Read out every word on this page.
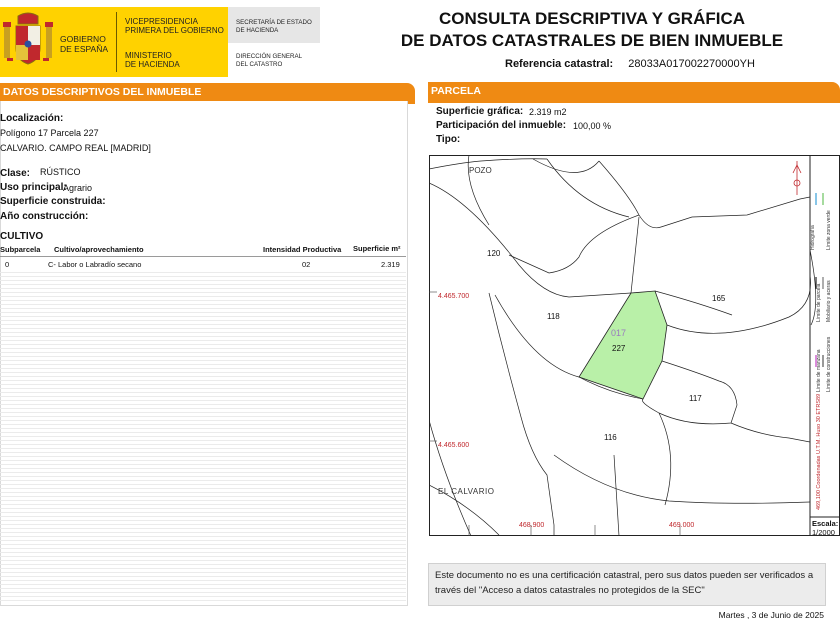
GOBIERNO
DE ESPAÑA
VICEPRESIDENCIA
PRIMERA DEL GOBIERNO
MINISTERIO
DE HACIENDA
SECRETARÍA DE ESTADO
DE HACIENDA
DIRECCIÓN GENERAL
DEL CATASTRO
CONSULTA DESCRIPTIVA Y GRÁFICA
DE DATOS CATASTRALES DE BIEN INMUEBLE
Referencia catastral: 28033A017002270000YH
DATOS DESCRIPTIVOS DEL INMUEBLE
Localización:
Polígono 17 Parcela 227
CALVARIO. CAMPO REAL [MADRID]
Clase: RÚSTICO
Uso principal:
Agrario
Superficie construida:
Año construcción:
CULTIVO
Subparcela Cultivo/aprovechamiento	Intensidad Productiva Superficie m²
0	C- Labor o Labradío secano	02	2.319
PARCELA
Superficie gráfica: 2.319 m2
Participación del inmueble: 100,00 %
Tipo:
POZO
120
118
165
017
227
117
116
EL CALVARIO
4.465.700
4.465.600
468.900	469.000
Hidrografía Límite zona verde
Límite de parcela Mobiliario y aceras
Límite de manzana Límite de construcciones
469,100 Coordenadas U.T.M. Huso 30 ETRS89
Escala:
1/2000
Este documento no es una certificación catastral, pero sus datos pueden ser verificados a través del "Acceso a datos catastrales no protegidos de la SEC"
Martes , 3 de Junio de 2025
